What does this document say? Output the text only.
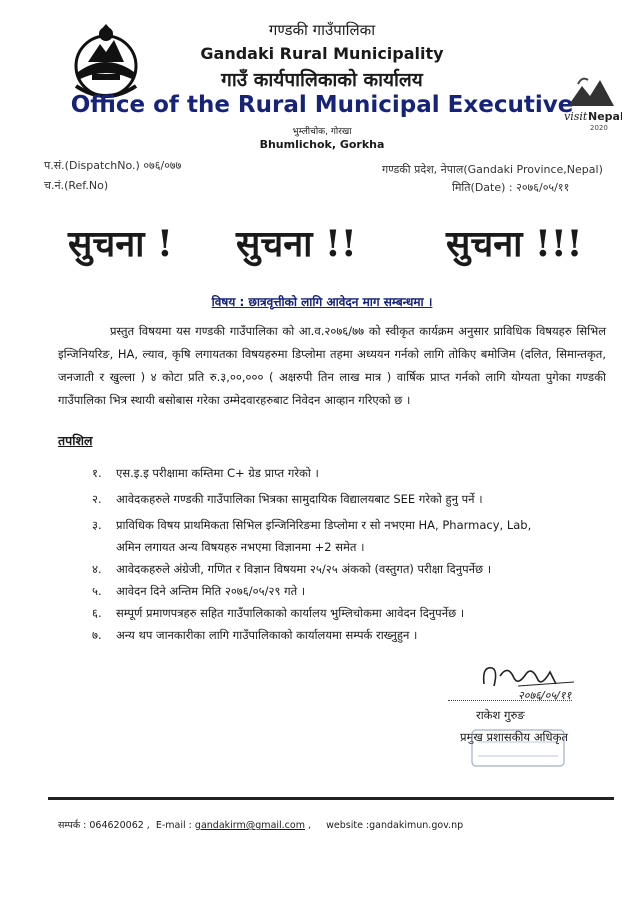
गण्डकी गाउँपालिका
Gandaki Rural Municipality
गाउँ कार्यपालिकाको कार्यालय
Office of the Rural Municipal Executive
भुम्लीचोक, गोरखा
Bhumlichok, Gorkha
visit Nepal
2020
प.सं.(DispatchNo.) ०७६/०७७
च.नं.(Ref.No)
गण्डकी प्रदेश, नेपाल(Gandaki Province,Nepal)
मिति(Date) : २०७६/०५/११
सुचना ! सुचना !! सुचना !!!
विषय : छात्रवृत्तीको लागि आवेदन माग सम्बन्धमा ।
प्रस्तुत विषयमा यस गण्डकी गाउँपालिका को आ.व.२०७६/७७ को स्वीकृत कार्यक्रम अनुसार प्राविधिक विषयहरु सिभिल इन्जिनियरिङ, HA, ल्याव, कृषि लगायतका विषयहरुमा डिप्लोमा तहमा अध्ययन गर्नको लागि तोकिए बमोजिम (दलित, सिमान्तकृत, जनजाती र खुल्ला ) ४ कोटा प्रति रु.३,००,००० ( अक्षरुपी तिन लाख मात्र ) वार्षिक प्राप्त गर्नको लागि योग्यता पुगेका गण्डकी गाउँपालिका भित्र स्थायी बसोबास गरेका उम्मेदवारहरुबाट निवेदन आव्हान गरिएको छ ।
तपशिल
१. एस.इ.इ परीक्षामा कम्तिमा C+ ग्रेड प्राप्त गरेको ।
२. आवेदकहरुले गण्डकी गाउँपालिका भित्रका सामुदायिक विद्यालयबाट SEE गरेको हुनु पर्ने ।
३. प्राविधिक विषय प्राथमिकता सिभिल इन्जिनिरिङमा डिप्लोमा र सो नभएमा HA, Pharmacy, Lab,
अमिन लगायत अन्य विषयहरु नभएमा विज्ञानमा +2 समेत ।
४. आवेदकहरुले अंग्रेजी, गणित र विज्ञान विषयमा २५/२५ अंकको (वस्तुगत) परीक्षा दिनुपर्नेछ ।
५. आवेदन दिने अन्तिम मिति २०७६/०५/२९ गते ।
६. सम्पूर्ण प्रमाणपत्रहरु सहित गाउँपालिकाको कार्यालय भुम्लिचोकमा आवेदन दिनुपर्नेछ ।
७. अन्य थप जानकारीका लागि गाउँपालिकाको कार्यालयमा सम्पर्क राख्नुहुन ।
२०७६/०५/११
राकेश गुरुङ
प्रमुख प्रशासकीय अधिकृत
सम्पर्क : 064620062 , E-mail : gandakirm@gmail.com ,     website :gandakimun.gov.np
